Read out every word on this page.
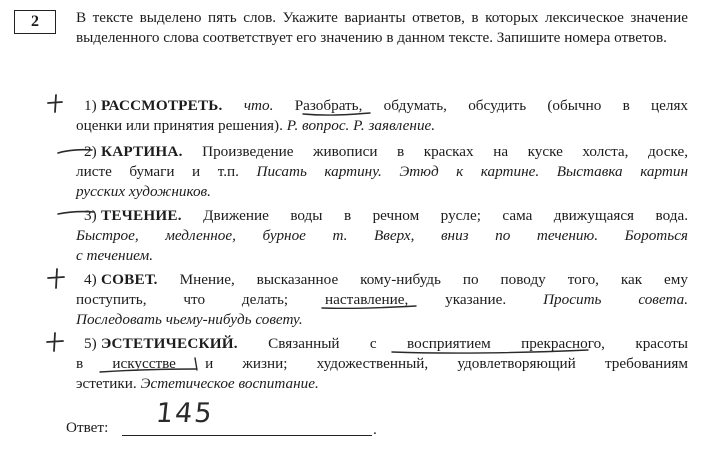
2	В тексте выделено пять слов. Укажите варианты ответов, в которых лексическое значение выделенного слова соответствует его значению в данном тексте. Запишите номера ответов.
1) РАССМОТРЕТЬ. что. Разобрать, обдумать, обсудить (обычно в целях
оценки или принятия решения). Р. вопрос. Р. заявление.
2) КАРТИНА. Произведение живописи в красках на куске холста, доске,
листе бумаги и т.п. Писать картину. Этюд к картине. Выставка картин
русских художников.
3) ТЕЧЕНИЕ. Движение воды в речном русле; сама движущаяся вода.
Быстрое, медленное, бурное т. Вверх, вниз по течению. Бороться
с течением.
4) СОВЕТ. Мнение, высказанное кому-нибудь по поводу того, как ему
поступить, что делать; наставление, указание. Просить совета.
Последовать чьему-нибудь совету.
5) ЭСТЕТИЧЕСКИЙ. Связанный с восприятием прекрасного, красоты
в искусстве и жизни; художественный, удовлетворяющий требованиям
эстетики. Эстетическое воспитание.
Ответ: 145
.
